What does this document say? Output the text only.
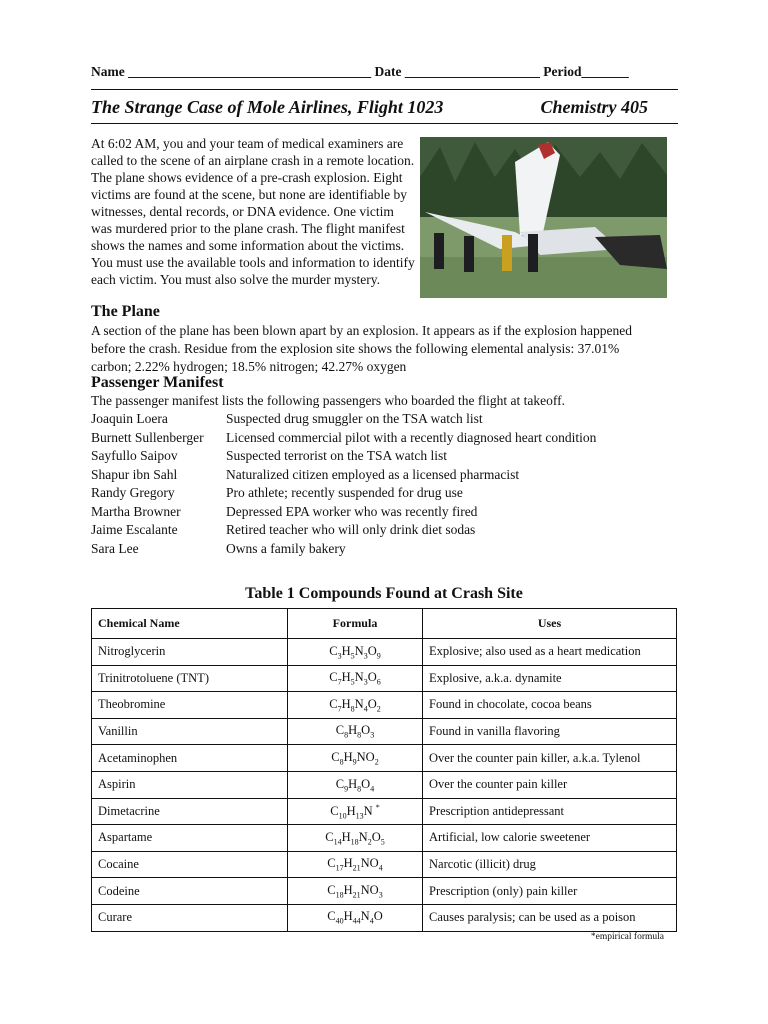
Name ____________________________________ Date ____________________ Period_______
The Strange Case of Mole Airlines, Flight 1023	Chemistry 405
At 6:02 AM, you and your team of medical examiners are called to the scene of an airplane crash in a remote location. The plane shows evidence of a pre-crash explosion. Eight victims are found at the scene, but none are identifiable by witnesses, dental records, or DNA evidence. One victim was murdered prior to the plane crash. The flight manifest shows the names and some information about the victims. You must use the available tools and information to identify each victim. You must also solve the murder mystery.
The Plane
A section of the plane has been blown apart by an explosion. It appears as if the explosion happened before the crash. Residue from the explosion site shows the following elemental analysis: 37.01% carbon; 2.22% hydrogen; 18.5% nitrogen; 42.27% oxygen
Passenger Manifest
The passenger manifest lists the following passengers who boarded the flight at takeoff.
Joaquin Loera	Suspected drug smuggler on the TSA watch list
Burnett Sullenberger	Licensed commercial pilot with a recently diagnosed heart condition
Sayfullo Saipov	Suspected terrorist on the TSA watch list
Shapur ibn Sahl	Naturalized citizen employed as a licensed pharmacist
Randy Gregory	Pro athlete; recently suspended for drug use
Martha Browner	Depressed EPA worker who was recently fired
Jaime Escalante	Retired teacher who will only drink diet sodas
Sara Lee	Owns a family bakery
Table 1 Compounds Found at Crash Site
Chemical Name	Formula	Uses
Nitroglycerin	$C_3H_5N_3O_9$	Explosive; also used as a heart medication
Trinitrotoluene (TNT)	$C_7H_5N_3O_6$	Explosive, a.k.a. dynamite
Theobromine	$C_7H_8N_4O_2$	Found in chocolate, cocoa beans
Vanillin	$C_8H_8O_3$	Found in vanilla flavoring
Acetaminophen	$C_8H_9NO_2$	Over the counter pain killer, a.k.a. Tylenol
Aspirin	$C_9H_8O_4$	Over the counter pain killer
Dimetacrine	$C_{10}H_{13}N$ *	Prescription antidepressant
Aspartame	$C_{14}H_{18}N_2O_5$	Artificial, low calorie sweetener
Cocaine	$C_{17}H_{21}NO_4$	Narcotic (illicit) drug
Codeine	$C_{18}H_{21}NO_3$	Prescription (only) pain killer
Curare	$C_{40}H_{44}N_4O$	Causes paralysis; can be used as a poison
*empirical formula
